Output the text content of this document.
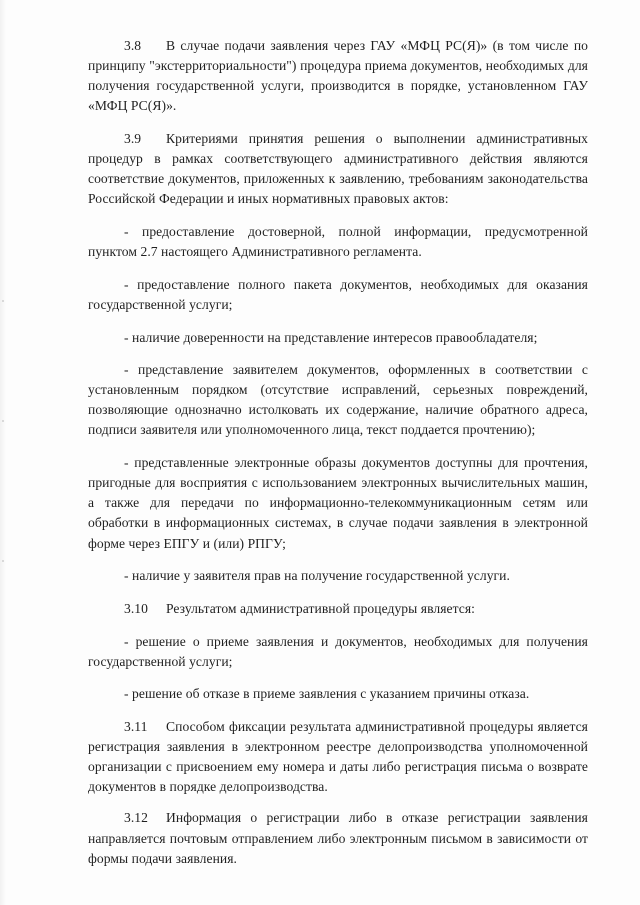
3.8 В случае подачи заявления через ГАУ «МФЦ РС(Я)» (в том числе по принципу "экстерриториальности") процедура приема документов, необходимых для получения государственной услуги, производится в порядке, установленном ГАУ «МФЦ РС(Я)».

3.9 Критериями принятия решения о выполнении административных процедур в рамках соответствующего административного действия являются соответствие документов, приложенных к заявлению, требованиям законодательства Российской Федерации и иных нормативных правовых актов:

- предоставление достоверной, полной информации, предусмотренной пунктом 2.7 настоящего Административного регламента.

- предоставление полного пакета документов, необходимых для оказания государственной услуги;

- наличие доверенности на представление интересов правообладателя;

- представление заявителем документов, оформленных в соответствии с установленным порядком (отсутствие исправлений, серьезных повреждений, позволяющие однозначно истолковать их содержание, наличие обратного адреса, подписи заявителя или уполномоченного лица, текст поддается прочтению);

- представленные электронные образы документов доступны для прочтения, пригодные для восприятия с использованием электронных вычислительных машин, а также для передачи по информационно-телекоммуникационным сетям или обработки в информационных системах, в случае подачи заявления в электронной форме через ЕПГУ и (или) РПГУ;

- наличие у заявителя прав на получение государственной услуги.

3.10 Результатом административной процедуры является:

- решение о приеме заявления и документов, необходимых для получения государственной услуги;

- решение об отказе в приеме заявления с указанием причины отказа.

3.11 Способом фиксации результата административной процедуры является регистрация заявления в электронном реестре делопроизводства уполномоченной организации с присвоением ему номера и даты либо регистрация письма о возврате документов в порядке делопроизводства.

3.12 Информация о регистрации либо в отказе регистрации заявления направляется почтовым отправлением либо электронным письмом в зависимости от формы подачи заявления.
